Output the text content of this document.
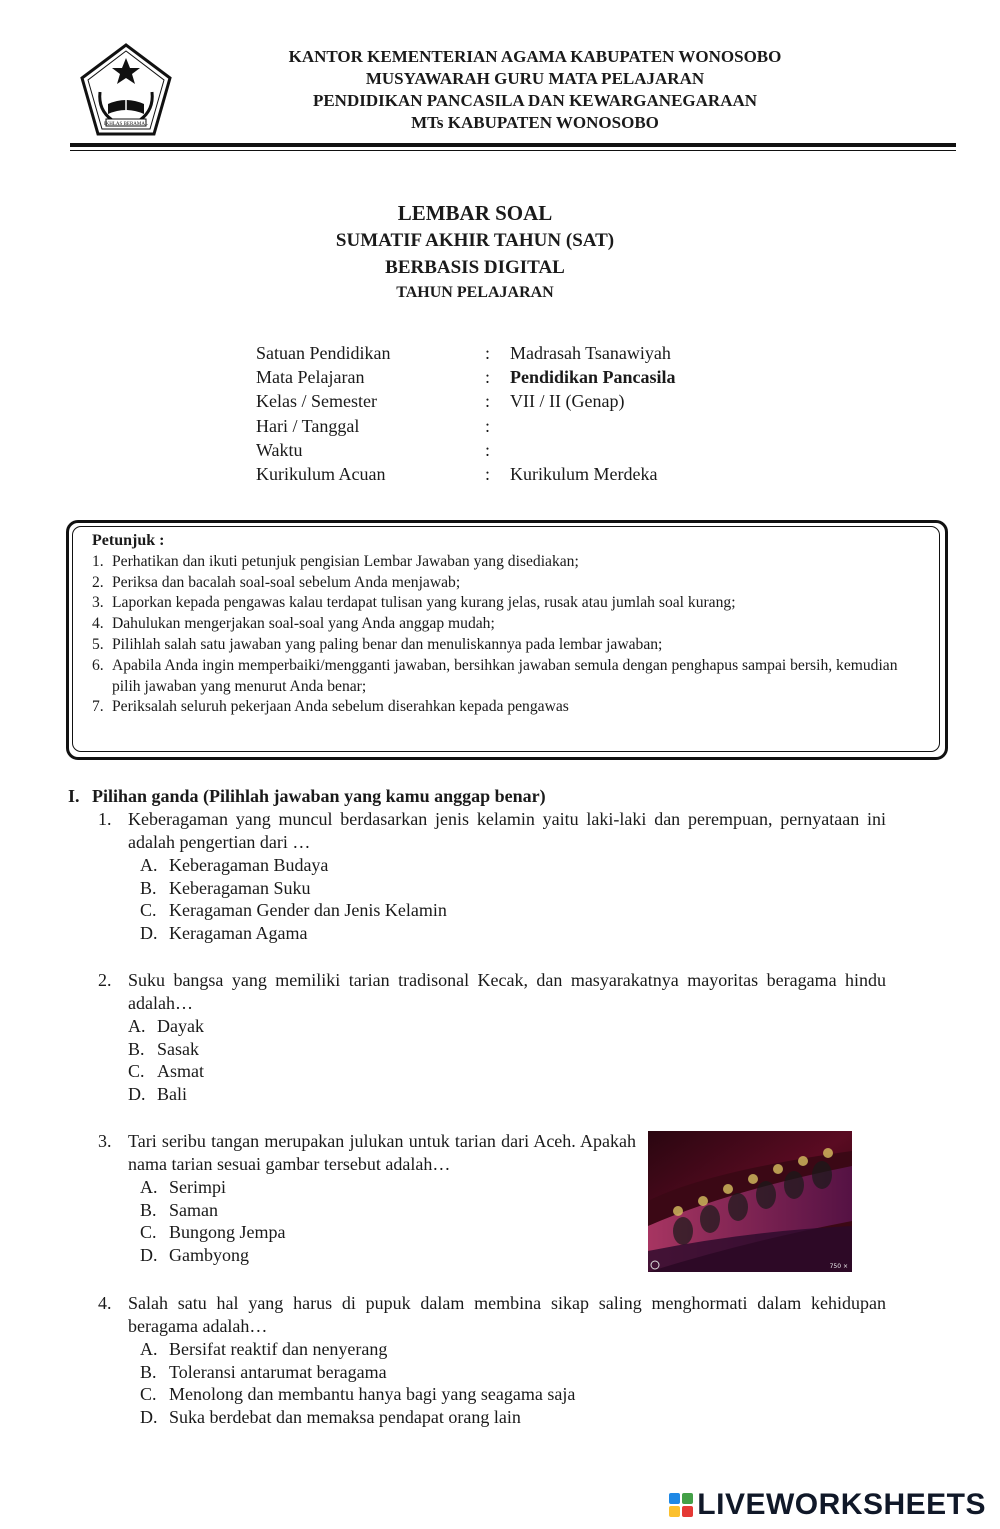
IKHLAS BERAMAL
KANTOR KEMENTERIAN AGAMA KABUPATEN WONOSOBO
MUSYAWARAH GURU MATA PELAJARAN
PENDIDIKAN PANCASILA DAN KEWARGANEGARAAN
MTs KABUPATEN WONOSOBO
LEMBAR SOAL
SUMATIF AKHIR TAHUN (SAT)
BERBASIS DIGITAL
TAHUN PELAJARAN
Satuan Pendidikan	:	Madrasah Tsanawiyah
Mata Pelajaran	:	Pendidikan Pancasila
Kelas / Semester	:	VII / II (Genap)
Hari / Tanggal	:
Waktu	:
Kurikulum Acuan	:	Kurikulum Merdeka
Petunjuk :
1. Perhatikan dan ikuti petunjuk pengisian Lembar Jawaban yang disediakan;
2. Periksa dan bacalah soal-soal sebelum Anda menjawab;
3. Laporkan kepada pengawas kalau terdapat tulisan yang kurang jelas, rusak atau jumlah soal kurang;
4. Dahulukan mengerjakan soal-soal yang Anda anggap mudah;
5. Pilihlah salah satu jawaban yang paling benar dan menuliskannya pada lembar jawaban;
6. Apabila Anda ingin memperbaiki/mengganti jawaban, bersihkan jawaban semula dengan penghapus sampai bersih, kemudian pilih jawaban yang menurut Anda benar;
7. Periksalah seluruh pekerjaan Anda sebelum diserahkan kepada pengawas
I. Pilihan ganda (Pilihlah jawaban yang kamu anggap benar)
1. Keberagaman yang muncul berdasarkan jenis kelamin yaitu laki-laki dan perempuan, pernyataan ini adalah pengertian dari …
A. Keberagaman Budaya
B. Keberagaman Suku
C. Keragaman Gender dan Jenis Kelamin
D. Keragaman Agama
2. Suku bangsa yang memiliki tarian tradisonal Kecak, dan masyarakatnya mayoritas beragama hindu adalah…
A. Dayak
B. Sasak
C. Asmat
D. Bali
3. Tari seribu tangan merupakan julukan untuk tarian dari Aceh. Apakah nama tarian sesuai gambar tersebut adalah…
A. Serimpi
B. Saman
C. Bungong Jempa
D. Gambyong
4. Salah satu hal yang harus di pupuk dalam membina sikap saling menghormati dalam kehidupan beragama adalah…
A. Bersifat reaktif dan nenyerang
B. Toleransi antarumat beragama
C. Menolong dan membantu hanya bagi yang seagama saja
D. Suka berdebat dan memaksa pendapat orang lain
750 ×
LIVEWORKSHEETS
